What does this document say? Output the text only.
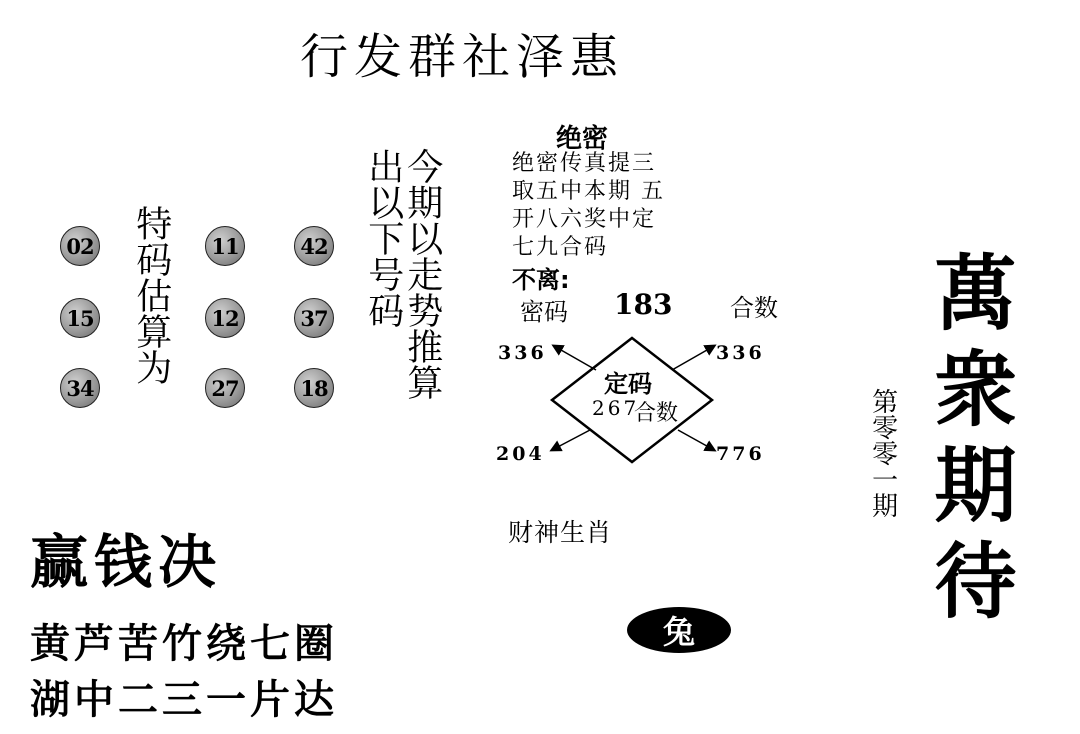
行发群社泽惠
02	11	42
15	12	37
34	27	18
特码估算为	今期以走势推算
出以下号码
绝密
绝密传真提三
取五中本期 五
开八六奖中定
七九合码
不离:
密码 183 合数
336	336
204	776
定码
267
合数
财神生肖
兔
赢钱决
黄芦苦竹绕七圈
湖中二三一片达
萬衆期待
第零零一期
